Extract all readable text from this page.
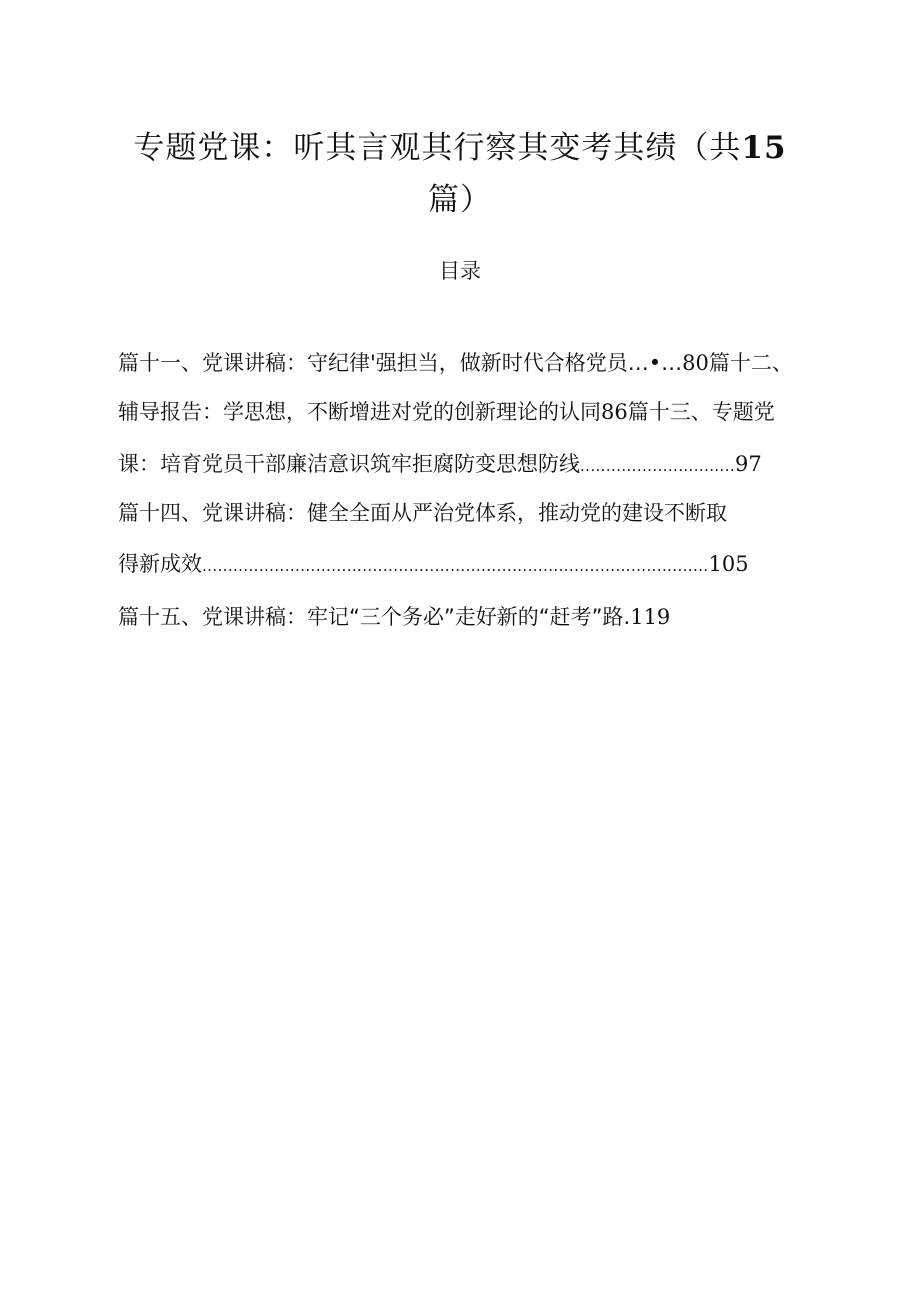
专题党课：听其言观其行察其变考其绩（共15
篇）
目录
篇十一、党课讲稿：守纪律'强担当，做新时代合格党员…•…80篇十二、
辅导报告：学思想，不断增进对党的创新理论的认同86篇十三、专题党
课：培育党员干部廉洁意识筑牢拒腐防变思想防线..............................97
篇十四、党课讲稿：健全全面从严治党体系，推动党的建设不断取
得新成效..................................................................................................105
篇十五、党课讲稿：牢记“三个务必”走好新的“赶考”路.119
